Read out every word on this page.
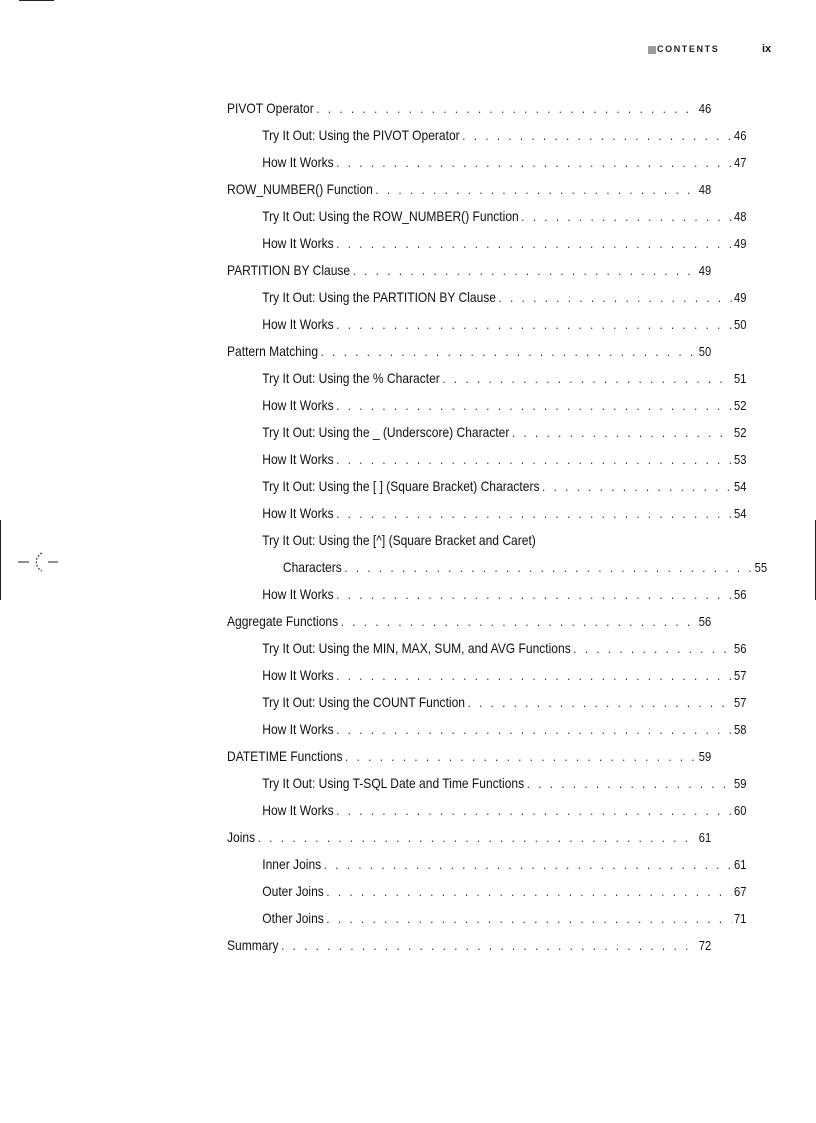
CONTENTS	ix
PIVOT Operator . . .	46
Try It Out: Using the PIVOT Operator . . .	46
How It Works . . .	47
ROW_NUMBER() Function . . .	48
Try It Out: Using the ROW_NUMBER() Function . . .	48
How It Works . . .	49
PARTITION BY Clause . . .	49
Try It Out: Using the PARTITION BY Clause . . .	49
How It Works . . .	50
Pattern Matching . . .	50
Try It Out: Using the % Character . . .	51
How It Works . . .	52
Try It Out: Using the _ (Underscore) Character . . .	52
How It Works . . .	53
Try It Out: Using the [ ] (Square Bracket) Characters . . .	54
How It Works . . .	54
Try It Out: Using the [^] (Square Bracket and Caret)
Characters . . .	55
How It Works . . .	56
Aggregate Functions . . .	56
Try It Out: Using the MIN, MAX, SUM, and AVG Functions . . .	56
How It Works . . .	57
Try It Out: Using the COUNT Function . . .	57
How It Works . . .	58
DATETIME Functions . . .	59
Try It Out: Using T-SQL Date and Time Functions . . .	59
How It Works . . .	60
Joins . . .	61
Inner Joins . . .	61
Outer Joins . . .	67
Other Joins . . .	71
Summary . . .	72
